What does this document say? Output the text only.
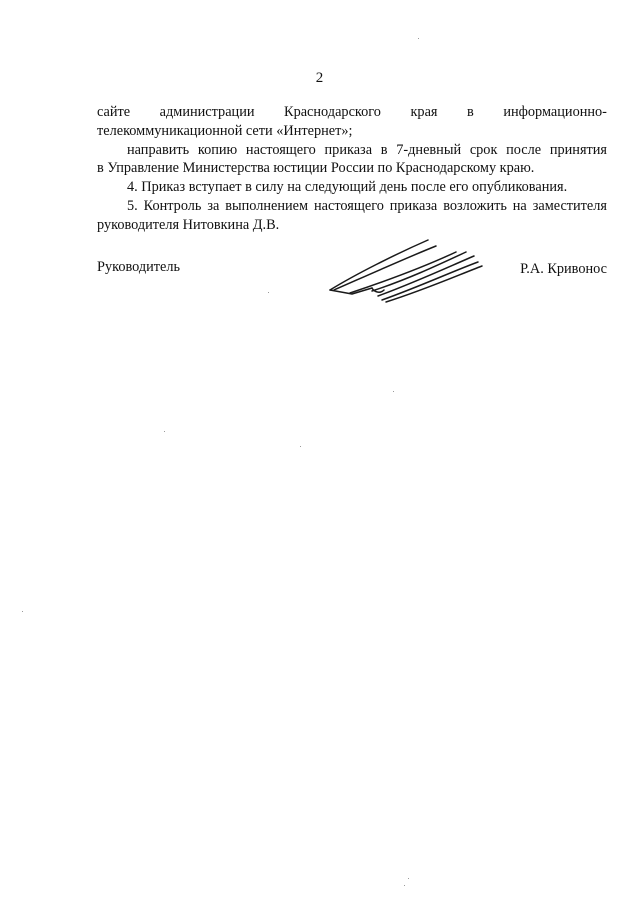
2
сайте администрации Краснодарского края в информационно-
телекоммуникационной сети «Интернет»;
направить копию настоящего приказа в 7-дневный срок после принятия
в Управление Министерства юстиции России по Краснодарскому краю.
4. Приказ вступает в силу на следующий день после его опубликования.
5. Контроль за выполнением настоящего приказа возложить на заместителя
руководителя Нитовкина Д.В.
Руководитель	Р.А. Кривонос
